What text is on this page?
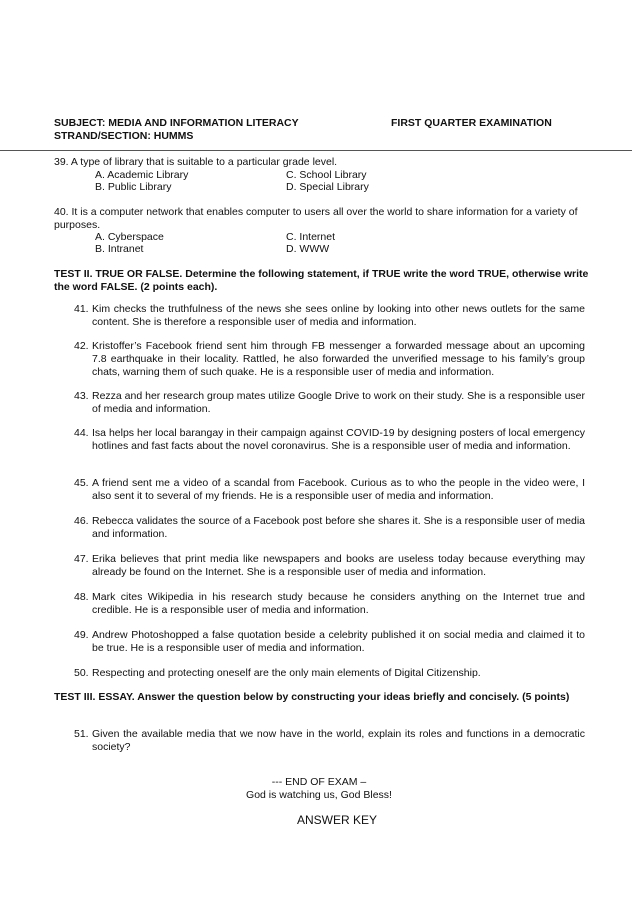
SUBJECT: MEDIA AND INFORMATION LITERACY	FIRST QUARTER EXAMINATION
STRAND/SECTION: HUMMS
39. A type of library that is suitable to a particular grade level.
A. Academic Library
B. Public Library
C. School Library
D. Special Library
40. It is a computer network that enables computer to users all over the world to share information for a variety of purposes.
A. Cyberspace
B. Intranet
C. Internet
D. WWW
TEST II. TRUE OR FALSE. Determine the following statement, if TRUE write the word TRUE, otherwise write the word FALSE. (2 points each).
41. Kim checks the truthfulness of the news she sees online by looking into other news outlets for the same content. She is therefore a responsible user of media and information.
42. Kristoffer’s Facebook friend sent him through FB messenger a forwarded message about an upcoming 7.8 earthquake in their locality. Rattled, he also forwarded the unverified message to his family’s group chats, warning them of such quake. He is a responsible user of media and information.
43. Rezza and her research group mates utilize Google Drive to work on their study. She is a responsible user of media and information.
44. Isa helps her local barangay in their campaign against COVID-19 by designing posters of local emergency hotlines and fast facts about the novel coronavirus. She is a responsible user of media and information.
45. A friend sent me a video of a scandal from Facebook. Curious as to who the people in the video were, I also sent it to several of my friends. He is a responsible user of media and information.
46. Rebecca validates the source of a Facebook post before she shares it. She is a responsible user of media and information.
47. Erika believes that print media like newspapers and books are useless today because everything may already be found on the Internet. She is a responsible user of media and information.
48. Mark cites Wikipedia in his research study because he considers anything on the Internet true and credible. He is a responsible user of media and information.
49. Andrew Photoshopped a false quotation beside a celebrity published it on social media and claimed it to be true. He is a responsible user of media and information.
50. Respecting and protecting oneself are the only main elements of Digital Citizenship.
TEST III. ESSAY. Answer the question below by constructing your ideas briefly and concisely. (5 points)
51. Given the available media that we now have in the world, explain its roles and functions in a democratic society?
--- END OF EXAM –
God is watching us, God Bless!
ANSWER KEY
